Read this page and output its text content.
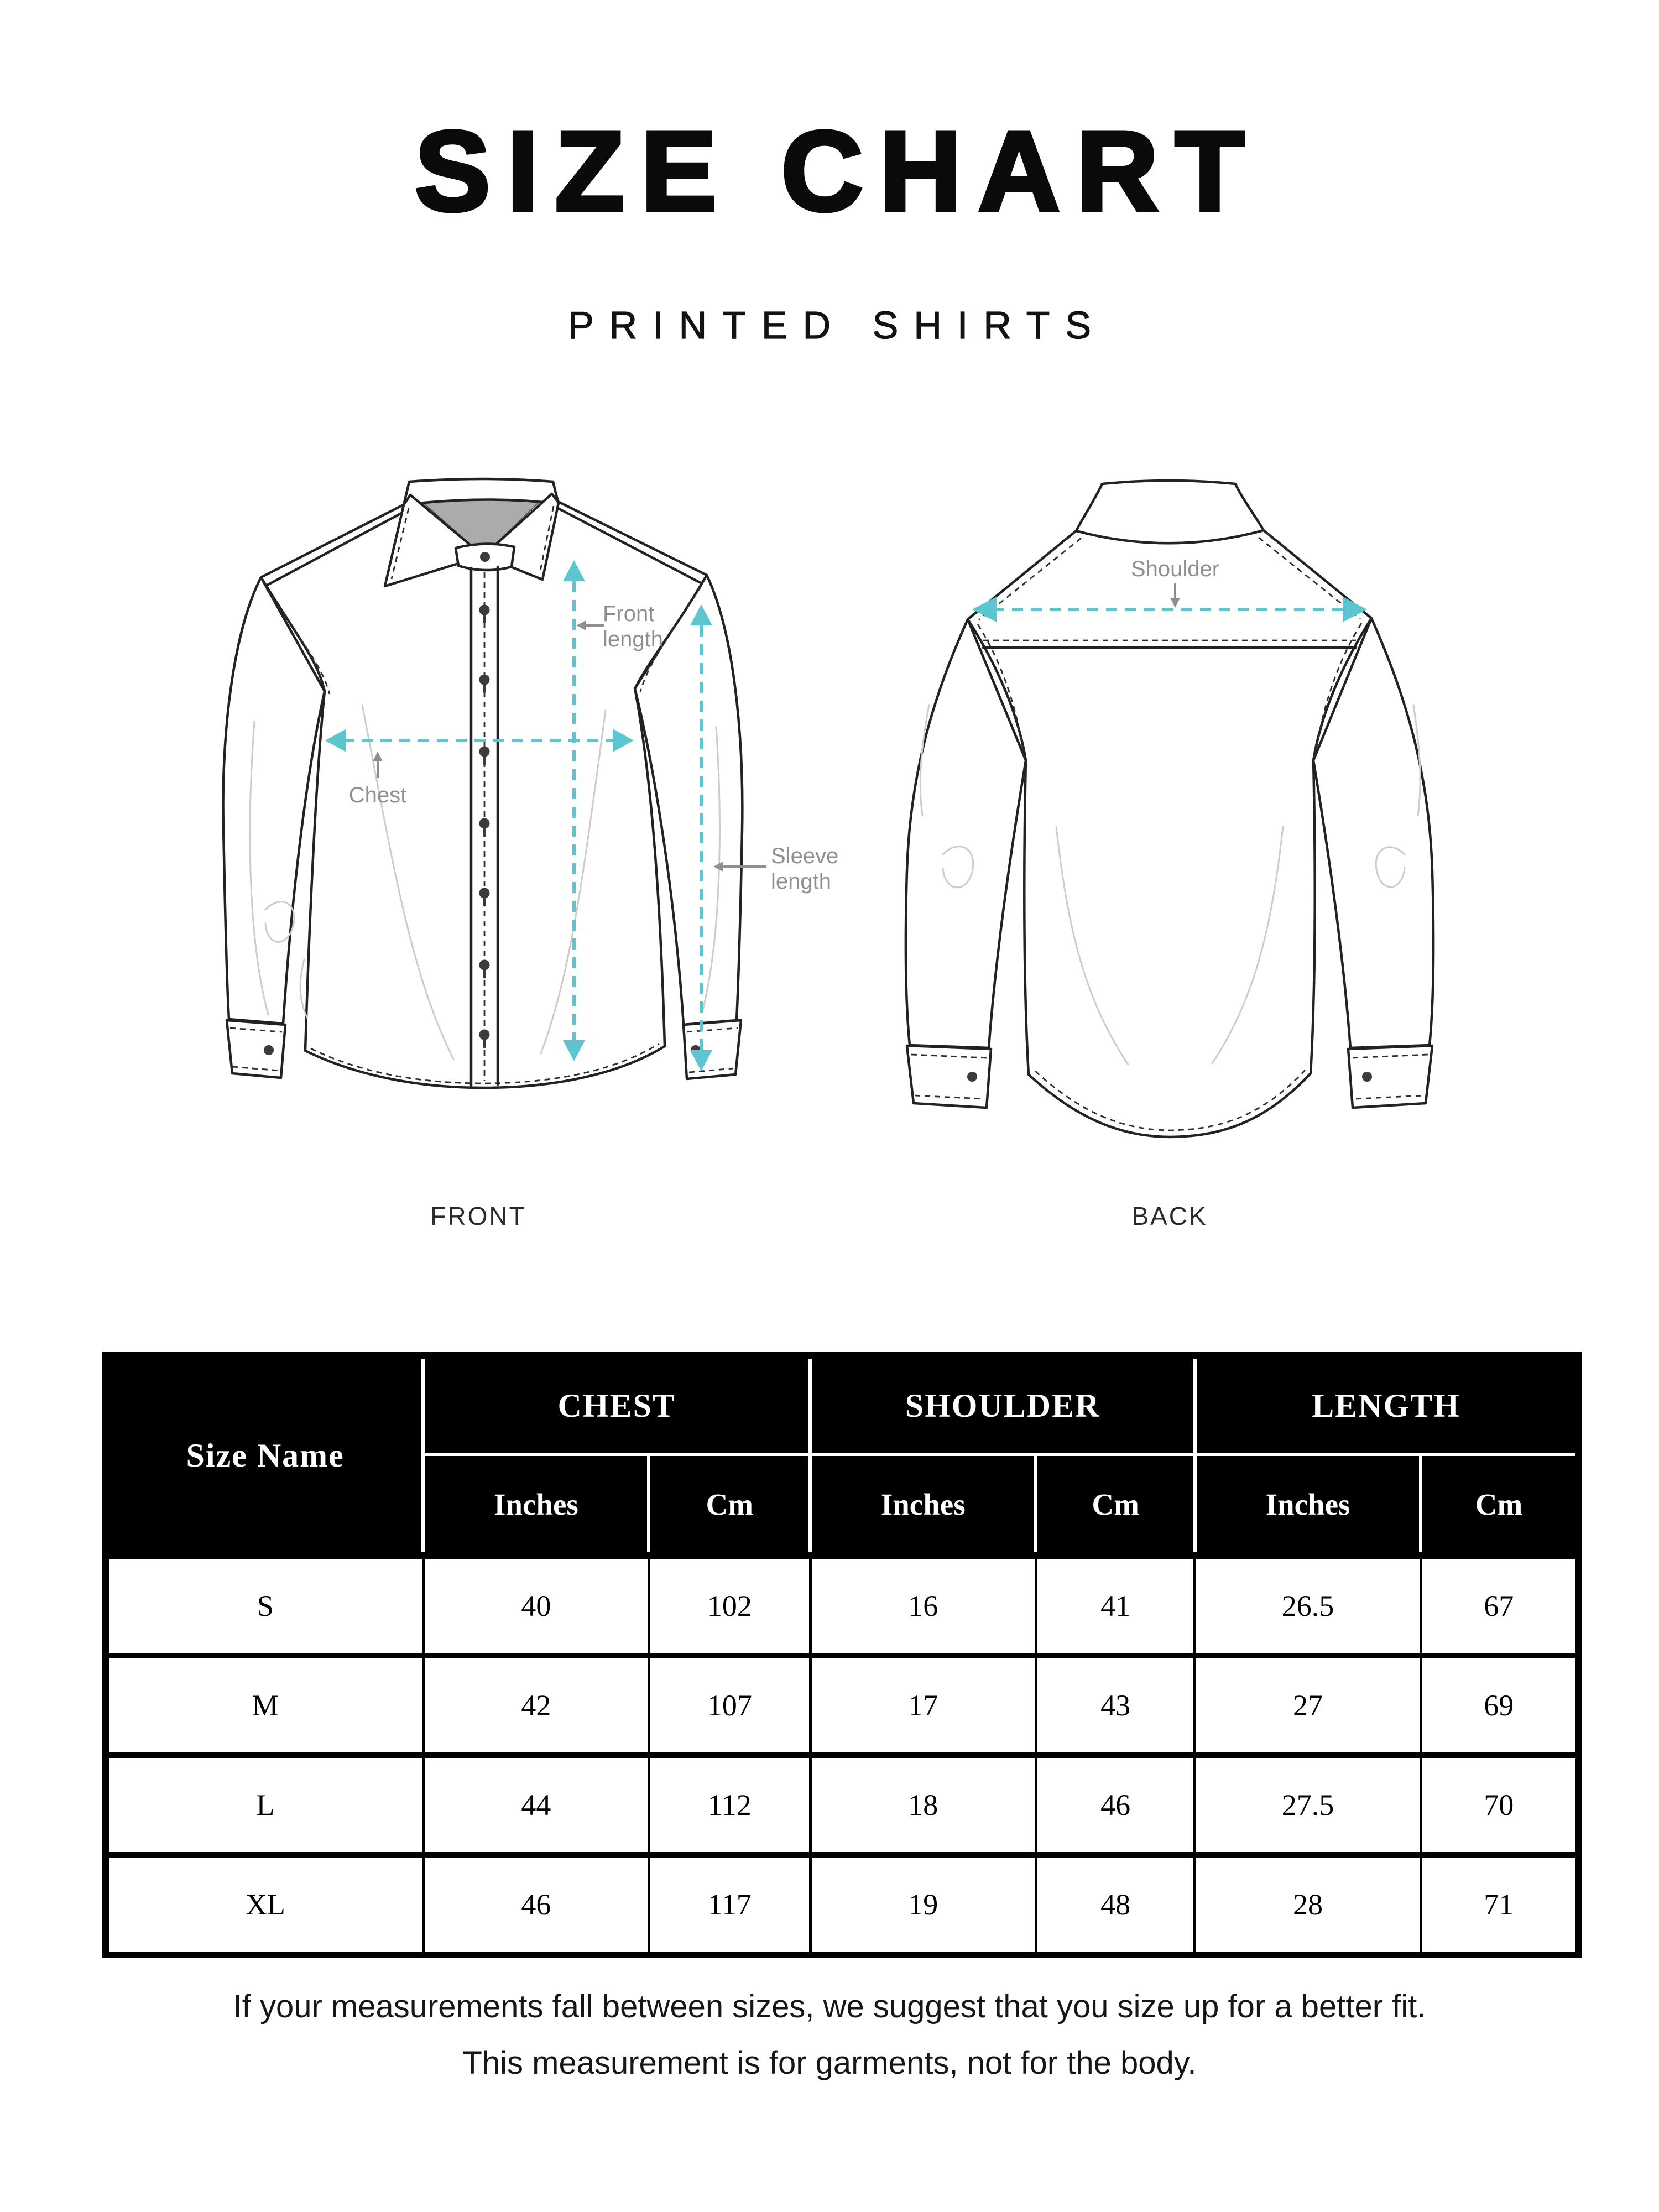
SIZE CHART
PRINTED SHIRTS
Front
length
Chest
Sleeve
length
Shoulder
FRONT	BACK
Size Name	CHEST		SHOULDER		LENGTH	
	Inches	Cm	Inches	Cm	Inches	Cm
S	40	102	16	41	26.5	67
M	42	107	17	43	27	69
L	44	112	18	46	27.5	70
XL	46	117	19	48	28	71
If your measurements fall between sizes, we suggest that you size up for a better fit.
This measurement is for garments, not for the body.
